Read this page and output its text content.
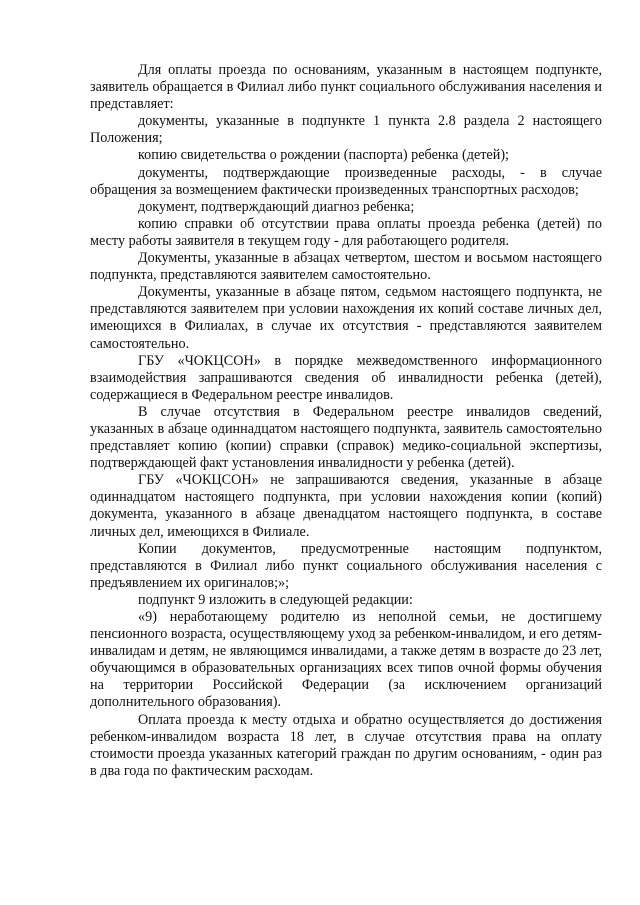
Для оплаты проезда по основаниям, указанным в настоящем подпункте, заявитель обращается в Филиал либо пункт социального обслуживания населения и представляет:

документы, указанные в подпункте 1 пункта 2.8 раздела 2 настоящего Положения;

копию свидетельства о рождении (паспорта) ребенка (детей);

документы, подтверждающие произведенные расходы, - в случае обращения за возмещением фактически произведенных транспортных расходов;

документ, подтверждающий диагноз ребенка;

копию справки об отсутствии права оплаты проезда ребенка (детей) по месту работы заявителя в текущем году - для работающего родителя.

Документы, указанные в абзацах четвертом, шестом и восьмом настоящего подпункта, представляются заявителем самостоятельно.

Документы, указанные в абзаце пятом, седьмом настоящего подпункта, не представляются заявителем при условии нахождения их копий составе личных дел, имеющихся в Филиалах, в случае их отсутствия - представляются заявителем самостоятельно.

ГБУ «ЧОКЦСОН» в порядке межведомственного информационного взаимодействия запрашиваются сведения об инвалидности ребенка (детей), содержащиеся в Федеральном реестре инвалидов.

В случае отсутствия в Федеральном реестре инвалидов сведений, указанных в абзаце одиннадцатом настоящего подпункта, заявитель самостоятельно представляет копию (копии) справки (справок) медико-социальной экспертизы, подтверждающей факт установления инвалидности у ребенка (детей).

ГБУ «ЧОКЦСОН» не запрашиваются сведения, указанные в абзаце одиннадцатом настоящего подпункта, при условии нахождения копии (копий) документа, указанного в абзаце двенадцатом настоящего подпункта, в составе личных дел, имеющихся в Филиале.

Копии документов, предусмотренные настоящим подпунктом, представляются в Филиал либо пункт социального обслуживания населения с предъявлением их оригиналов;»;

подпункт 9 изложить в следующей редакции:

«9) неработающему родителю из неполной семьи, не достигшему пенсионного возраста, осуществляющему уход за ребенком-инвалидом, и его детям-инвалидам и детям, не являющимся инвалидами, а также детям в возрасте до 23 лет, обучающимся в образовательных организациях всех типов очной формы обучения на территории Российской Федерации (за исключением организаций дополнительного образования).

Оплата проезда к месту отдыха и обратно осуществляется до достижения ребенком-инвалидом возраста 18 лет, в случае отсутствия права на оплату стоимости проезда указанных категорий граждан по другим основаниям, - один раз в два года по фактическим расходам.
